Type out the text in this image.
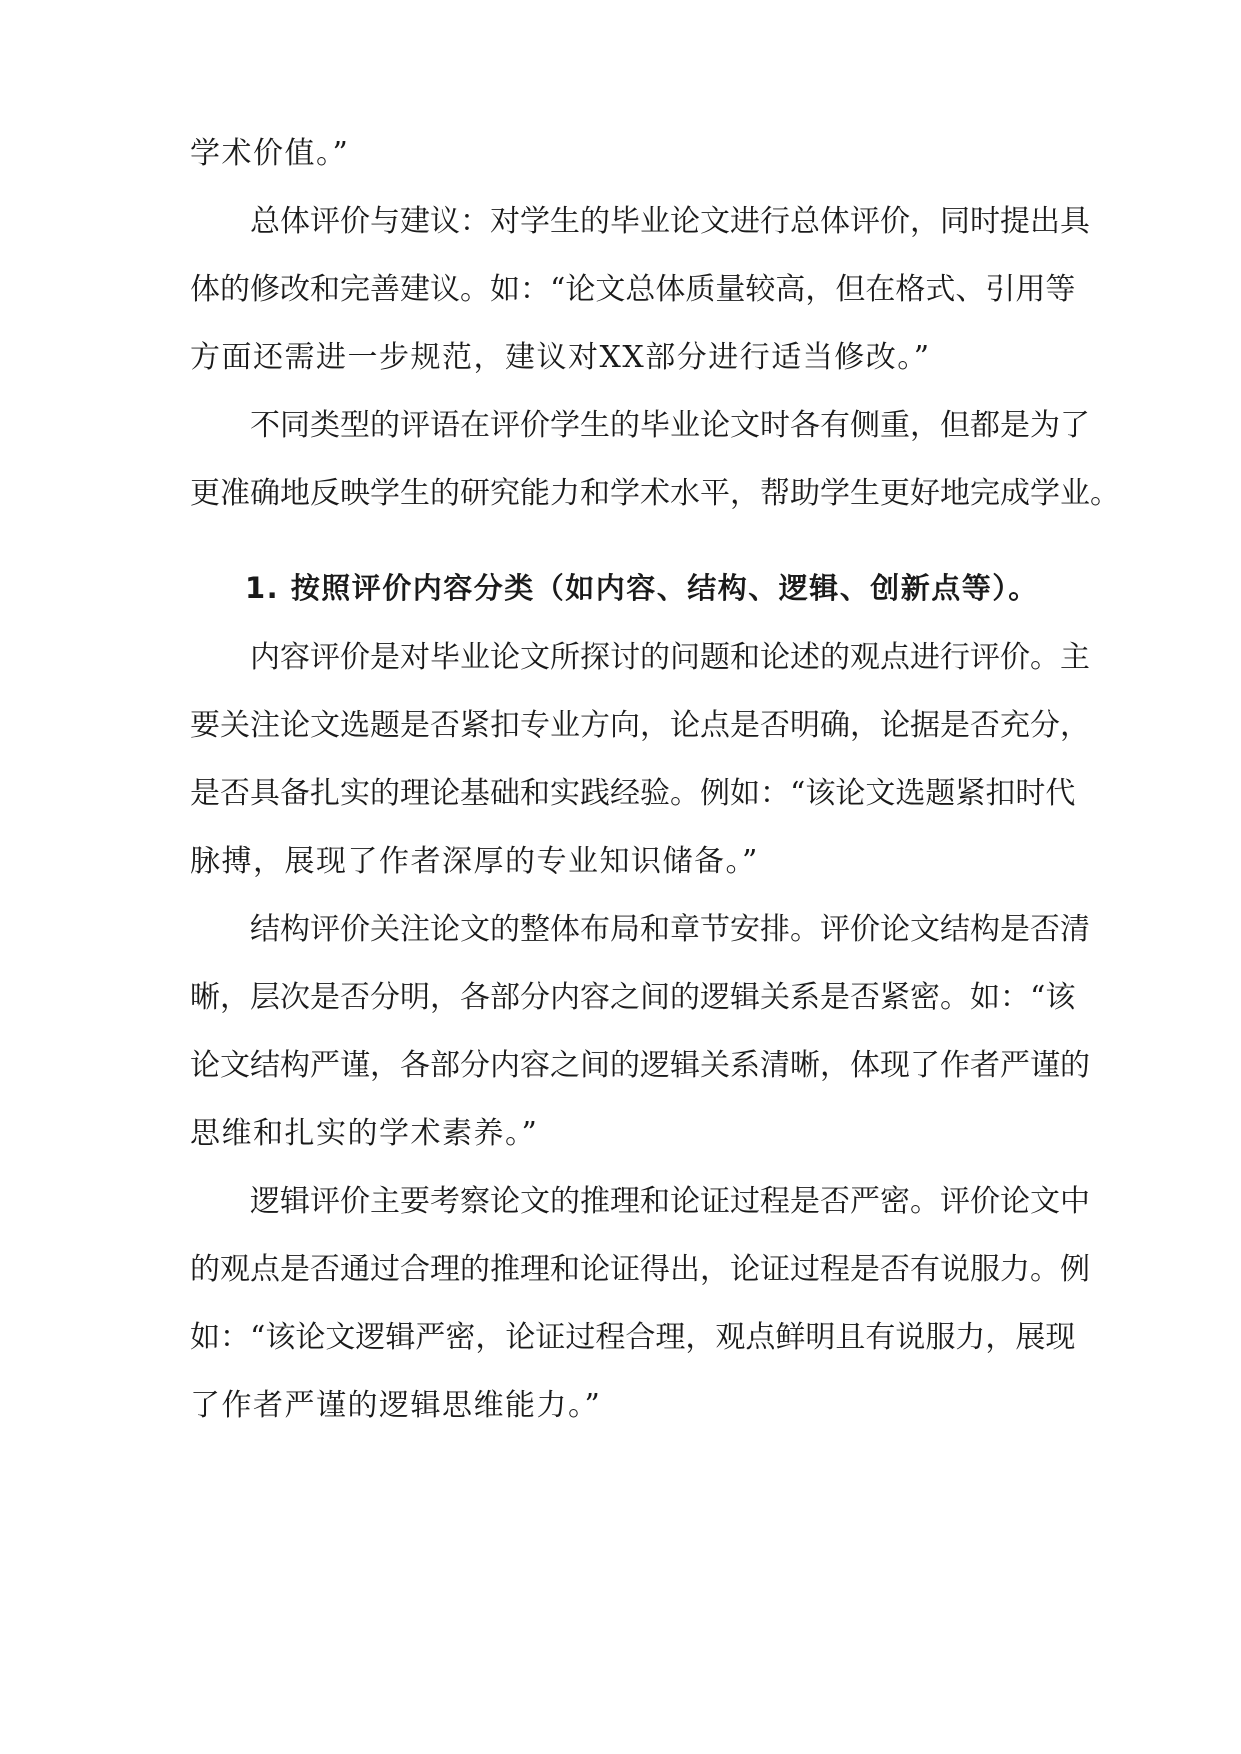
学术价值。”
总体评价与建议：对学生的毕业论文进行总体评价，同时提出具
体的修改和完善建议。如：“论文总体质量较高，但在格式、引用等
方面还需进一步规范，建议对XX部分进行适当修改。”
不同类型的评语在评价学生的毕业论文时各有侧重，但都是为了
更准确地反映学生的研究能力和学术水平，帮助学生更好地完成学业。
1. 按照评价内容分类（如内容、结构、逻辑、创新点等）。
内容评价是对毕业论文所探讨的问题和论述的观点进行评价。主
要关注论文选题是否紧扣专业方向，论点是否明确，论据是否充分，
是否具备扎实的理论基础和实践经验。例如：“该论文选题紧扣时代
脉搏，展现了作者深厚的专业知识储备。”
结构评价关注论文的整体布局和章节安排。评价论文结构是否清
晰，层次是否分明，各部分内容之间的逻辑关系是否紧密。如：“该
论文结构严谨，各部分内容之间的逻辑关系清晰，体现了作者严谨的
思维和扎实的学术素养。”
逻辑评价主要考察论文的推理和论证过程是否严密。评价论文中
的观点是否通过合理的推理和论证得出，论证过程是否有说服力。例
如：“该论文逻辑严密，论证过程合理，观点鲜明且有说服力，展现
了作者严谨的逻辑思维能力。”
